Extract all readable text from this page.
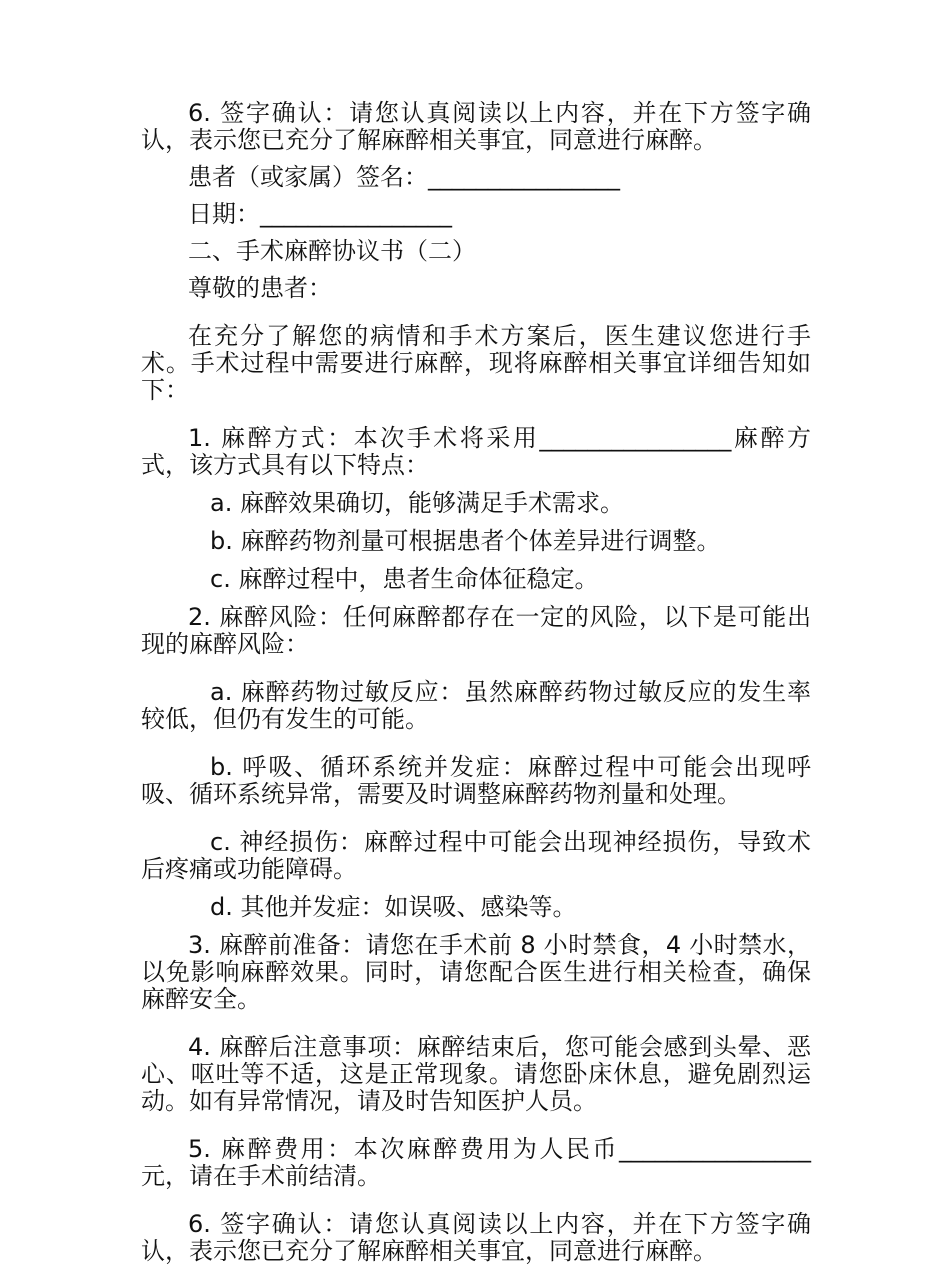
6. 签字确认：请您认真阅读以上内容，并在下方签字确认，表示您已充分了解麻醉相关事宜，同意进行麻醉。

患者（或家属）签名：________________

日期：________________

二、手术麻醉协议书（二）

尊敬的患者：

在充分了解您的病情和手术方案后，医生建议您进行手术。手术过程中需要进行麻醉，现将麻醉相关事宜详细告知如下：

1. 麻醉方式：本次手术将采用________________麻醉方式，该方式具有以下特点：

a. 麻醉效果确切，能够满足手术需求。

b. 麻醉药物剂量可根据患者个体差异进行调整。

c. 麻醉过程中，患者生命体征稳定。

2. 麻醉风险：任何麻醉都存在一定的风险，以下是可能出现的麻醉风险：

a. 麻醉药物过敏反应：虽然麻醉药物过敏反应的发生率较低，但仍有发生的可能。

b. 呼吸、循环系统并发症：麻醉过程中可能会出现呼吸、循环系统异常，需要及时调整麻醉药物剂量和处理。

c. 神经损伤：麻醉过程中可能会出现神经损伤，导致术后疼痛或功能障碍。

d. 其他并发症：如误吸、感染等。

3. 麻醉前准备：请您在手术前 8 小时禁食，4 小时禁水，以免影响麻醉效果。同时，请您配合医生进行相关检查，确保麻醉安全。

4. 麻醉后注意事项：麻醉结束后，您可能会感到头晕、恶心、呕吐等不适，这是正常现象。请您卧床休息，避免剧烈运动。如有异常情况，请及时告知医护人员。

5. 麻醉费用：本次麻醉费用为人民币________________元，请在手术前结清。

6. 签字确认：请您认真阅读以上内容，并在下方签字确认，表示您已充分了解麻醉相关事宜，同意进行麻醉。
